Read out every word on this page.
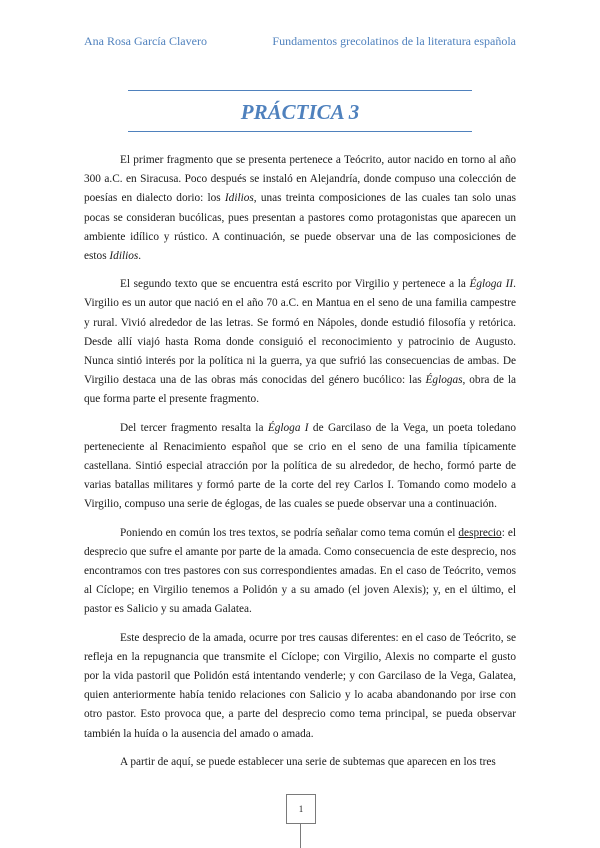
Ana Rosa García Clavero	Fundamentos grecolatinos de la literatura española
PRÁCTICA 3

El primer fragmento que se presenta pertenece a Teócrito, autor nacido en torno al año 300 a.C. en Siracusa. Poco después se instaló en Alejandría, donde compuso una colección de poesías en dialecto dorio: los Idilios, unas treinta composiciones de las cuales tan solo unas pocas se consideran bucólicas, pues presentan a pastores como protagonistas que aparecen un ambiente idílico y rústico. A continuación, se puede observar una de las composiciones de estos Idilios.

El segundo texto que se encuentra está escrito por Virgilio y pertenece a la Égloga II. Virgilio es un autor que nació en el año 70 a.C. en Mantua en el seno de una familia campestre y rural. Vivió alrededor de las letras. Se formó en Nápoles, donde estudió filosofía y retórica. Desde allí viajó hasta Roma donde consiguió el reconocimiento y patrocinio de Augusto. Nunca sintió interés por la política ni la guerra, ya que sufrió las consecuencias de ambas. De Virgilio destaca una de las obras más conocidas del género bucólico: las Églogas, obra de la que forma parte el presente fragmento.

Del tercer fragmento resalta la Égloga I de Garcilaso de la Vega, un poeta toledano perteneciente al Renacimiento español que se crio en el seno de una familia típicamente castellana. Sintió especial atracción por la política de su alrededor, de hecho, formó parte de varias batallas militares y formó parte de la corte del rey Carlos I. Tomando como modelo a Virgilio, compuso una serie de églogas, de las cuales se puede observar una a continuación.

Poniendo en común los tres textos, se podría señalar como tema común el desprecio: el desprecio que sufre el amante por parte de la amada. Como consecuencia de este desprecio, nos encontramos con tres pastores con sus correspondientes amadas. En el caso de Teócrito, vemos al Cíclope; en Virgilio tenemos a Polidón y a su amado (el joven Alexis); y, en el último, el pastor es Salicio y su amada Galatea.

Este desprecio de la amada, ocurre por tres causas diferentes: en el caso de Teócrito, se refleja en la repugnancia que transmite el Cíclope; con Virgilio, Alexis no comparte el gusto por la vida pastoril que Polidón está intentando venderle; y con Garcilaso de la Vega, Galatea, quien anteriormente había tenido relaciones con Salicio y lo acaba abandonando por irse con otro pastor. Esto provoca que, a parte del desprecio como tema principal, se pueda observar también la huída o la ausencia del amado o amada.

A partir de aquí, se puede establecer una serie de subtemas que aparecen en los tres

1
